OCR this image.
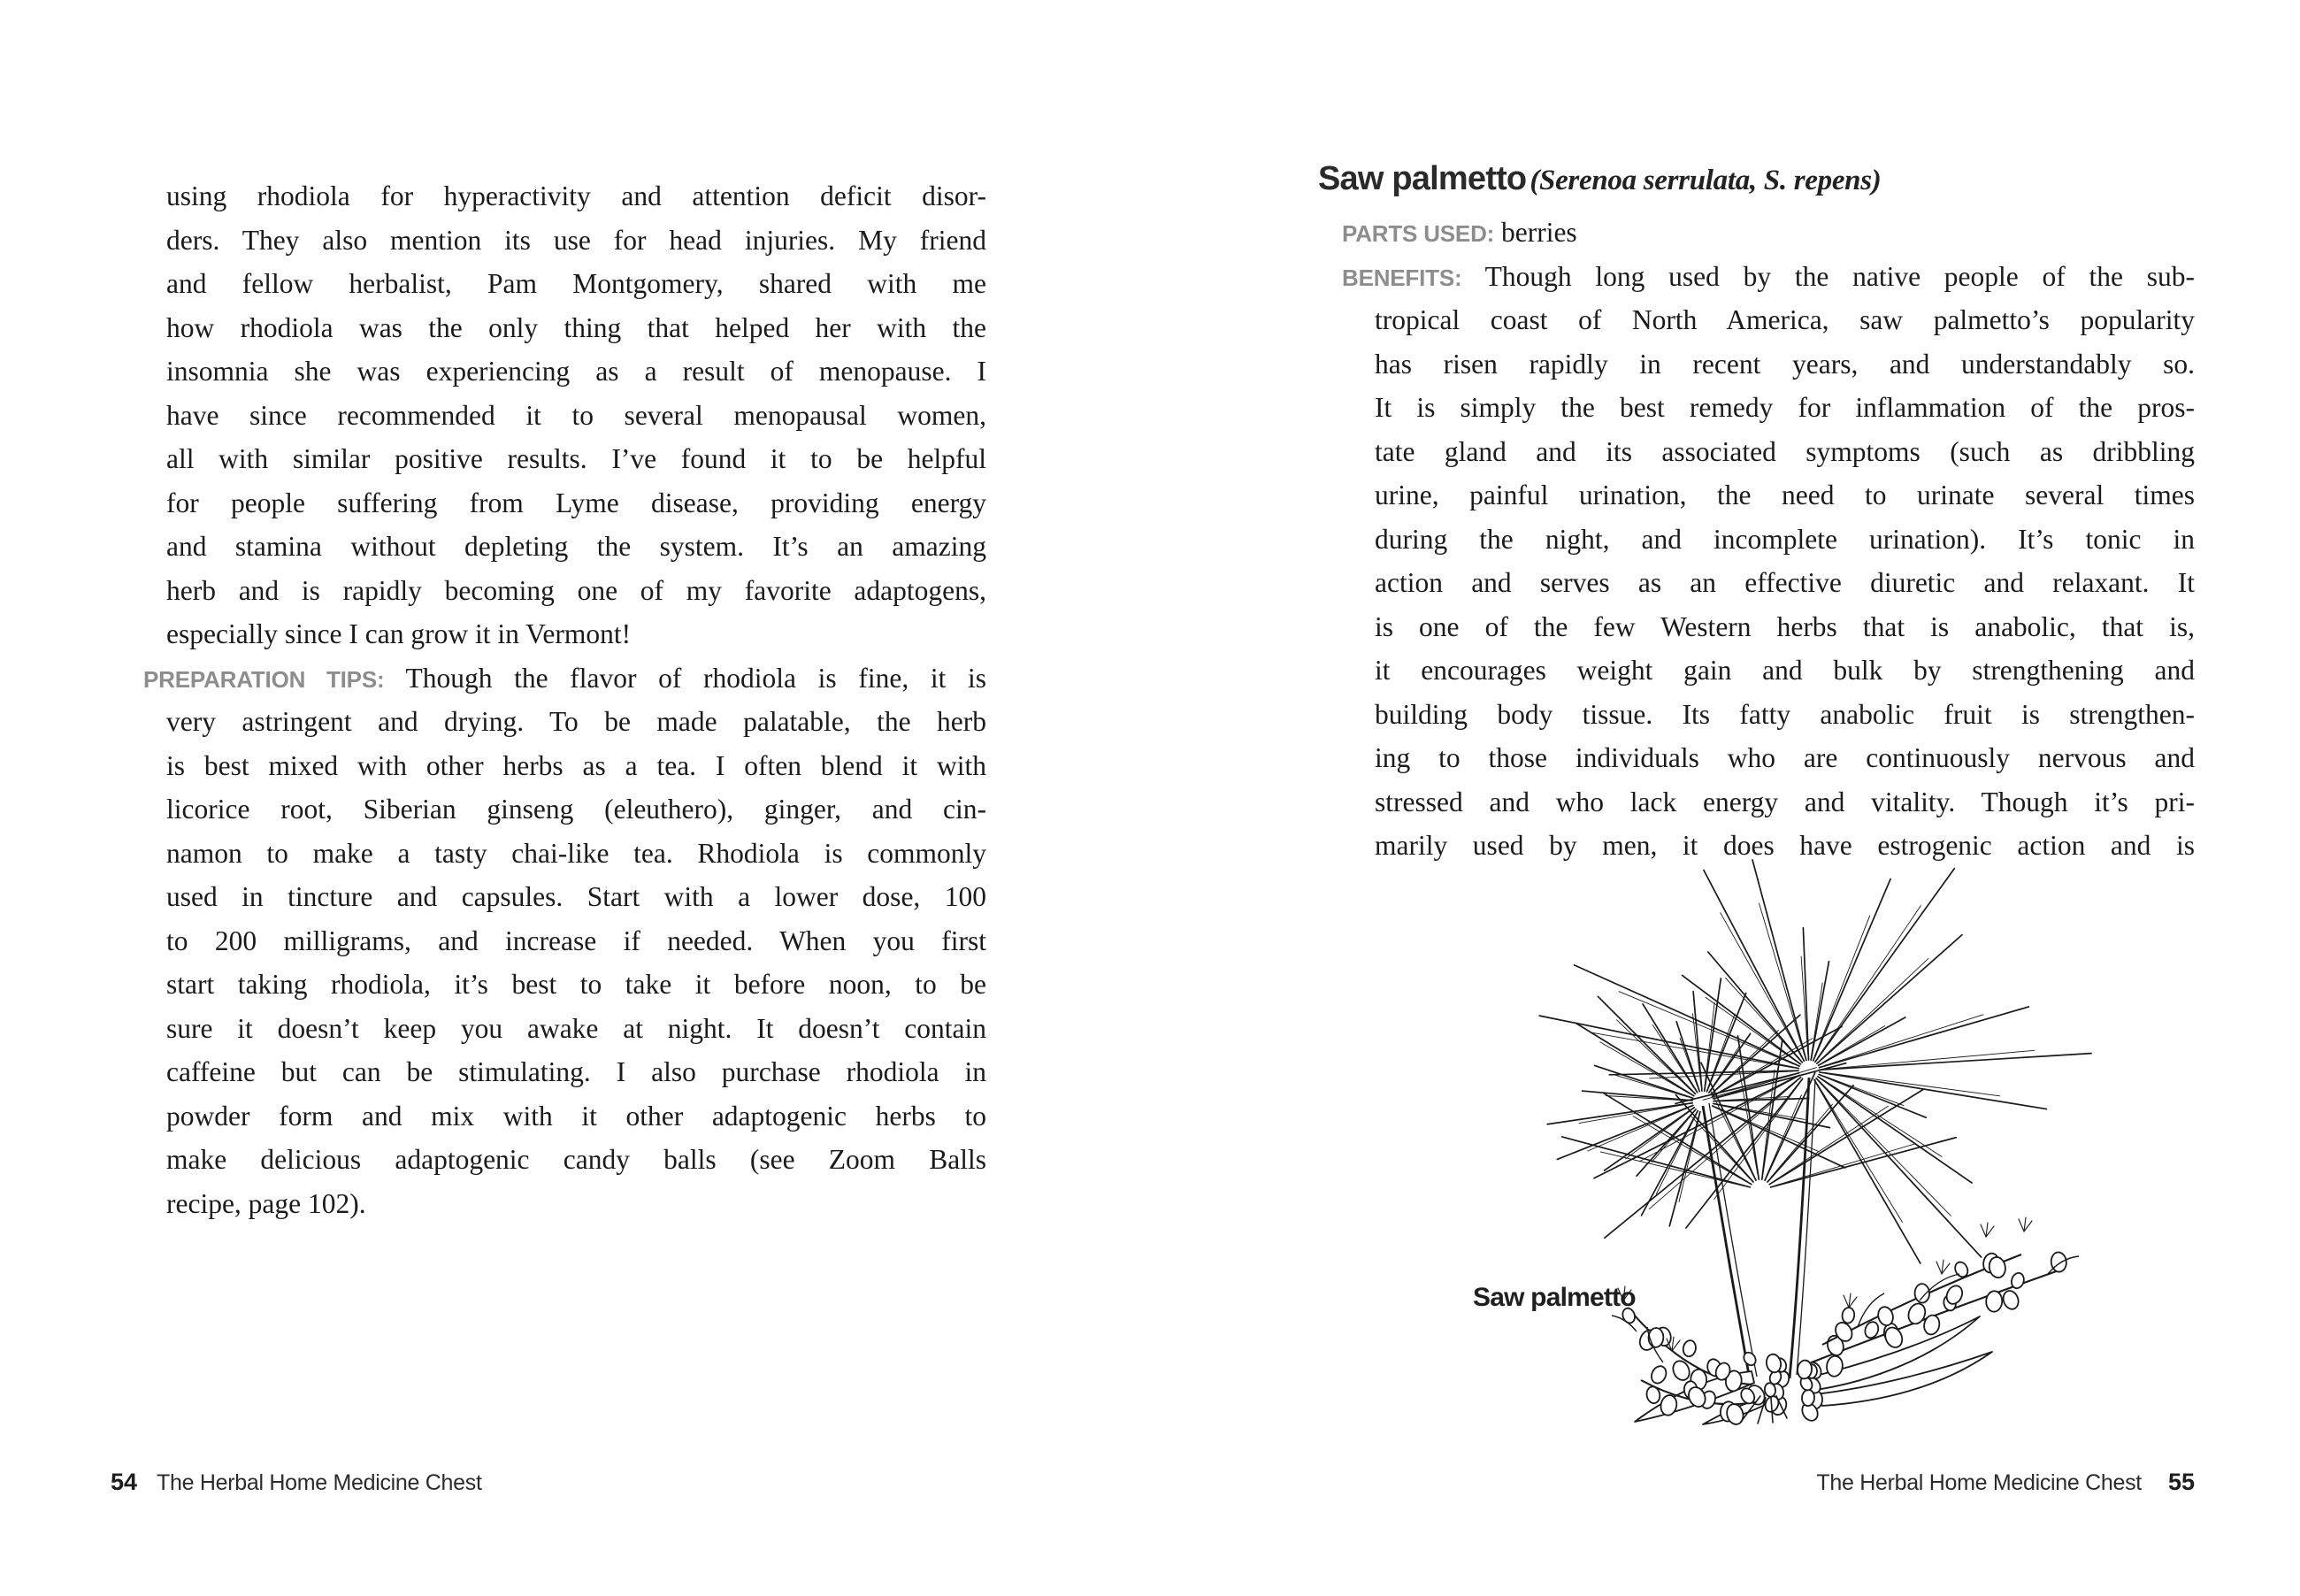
using rhodiola for hyperactivity and attention deficit disor-
ders. They also mention its use for head injuries. My friend
and fellow herbalist, Pam Montgomery, shared with me
how rhodiola was the only thing that helped her with the
insomnia she was experiencing as a result of menopause. I
have since recommended it to several menopausal women,
all with similar positive results. I’ve found it to be helpful
for people suffering from Lyme disease, providing energy
and stamina without depleting the system. It’s an amazing
herb and is rapidly becoming one of my favorite adaptogens,
especially since I can grow it in Vermont!
PREPARATION TIPS: Though the flavor of rhodiola is fine, it is
very astringent and drying. To be made palatable, the herb
is best mixed with other herbs as a tea. I often blend it with
licorice root, Siberian ginseng (eleuthero), ginger, and cin-
namon to make a tasty chai-like tea. Rhodiola is commonly
used in tincture and capsules. Start with a lower dose, 100
to 200 milligrams, and increase if needed. When you first
start taking rhodiola, it’s best to take it before noon, to be
sure it doesn’t keep you awake at night. It doesn’t contain
caffeine but can be stimulating. I also purchase rhodiola in
powder form and mix with it other adaptogenic herbs to
make delicious adaptogenic candy balls (see Zoom Balls
recipe, page 102).
54 The Herbal Home Medicine Chest
Saw palmetto (Serenoa serrulata, S. repens)
PARTS USED: berries
BENEFITS: Though long used by the native people of the sub-
tropical coast of North America, saw palmetto’s popularity
has risen rapidly in recent years, and understandably so.
It is simply the best remedy for inflammation of the pros-
tate gland and its associated symptoms (such as dribbling
urine, painful urination, the need to urinate several times
during the night, and incomplete urination). It’s tonic in
action and serves as an effective diuretic and relaxant. It
is one of the few Western herbs that is anabolic, that is,
it encourages weight gain and bulk by strengthening and
building body tissue. Its fatty anabolic fruit is strengthen-
ing to those individuals who are continuously nervous and
stressed and who lack energy and vitality. Though it’s pri-
marily used by men, it does have estrogenic action and is
Saw palmetto
The Herbal Home Medicine Chest 55
